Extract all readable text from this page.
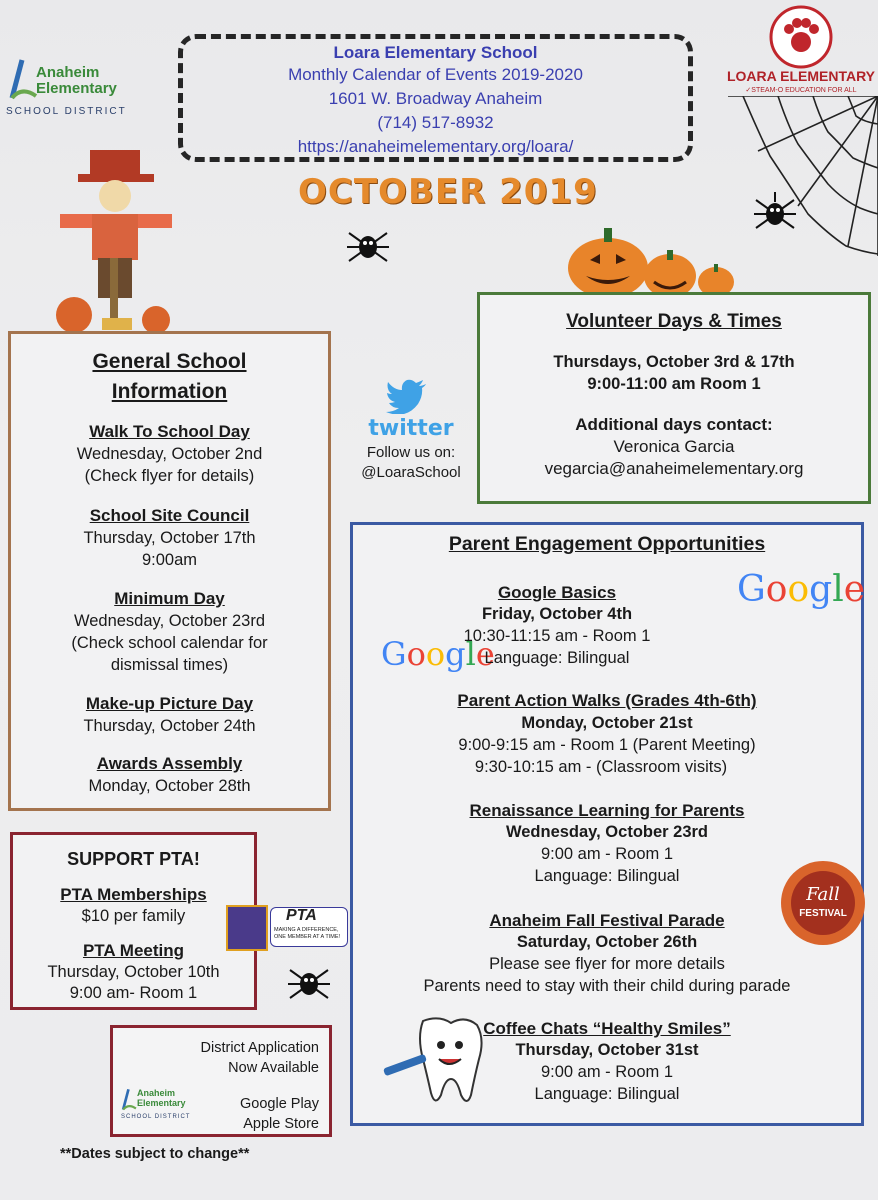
Anaheim
Elementary
SCHOOL DISTRICT
Loara Elementary School
Monthly Calendar of Events 2019-2020
1601 W. Broadway Anaheim
(714) 517-8932
https://anaheimelementary.org/loara/
LOARA ELEMENTARY
✓STEAM-O EDUCATION FOR ALL
OCTOBER 2019
General School
Information
Walk To School Day
Wednesday, October 2nd
(Check flyer for details)
School Site Council
Thursday, October 17th
9:00am
Minimum Day
Wednesday, October 23rd
(Check school calendar for
dismissal times)
Make-up Picture Day
Thursday, October 24th
Awards Assembly
Monday, October 28th
twitter
Follow us on:
@LoaraSchool
Volunteer Days & Times
Thursdays, October 3rd & 17th
9:00-11:00 am Room 1
Additional days contact:
Veronica Garcia
vegarcia@anaheimelementary.org
Parent Engagement Opportunities
Google
Google
Google Basics
Friday, October 4th
10:30-11:15 am - Room 1
Language: Bilingual
Parent Action Walks (Grades 4th-6th)
Monday, October 21st
9:00-9:15 am - Room 1 (Parent Meeting)
9:30-10:15 am - (Classroom visits)
Renaissance Learning for Parents
Wednesday, October 23rd
9:00 am - Room 1
Language: Bilingual
Anaheim Fall Festival Parade
Saturday, October 26th
Please see flyer for more details
Parents need to stay with their child during parade
Coffee Chats “Healthy Smiles”
Thursday, October 31st
9:00 am - Room 1
Language: Bilingual
Fall
FESTIVAL
SUPPORT PTA!
PTA Memberships
$10 per family
PTA Meeting
Thursday, October 10th
9:00 am- Room 1
PTA
MAKING A DIFFERENCE, ONE MEMBER AT A TIME!
District Application
Now Available
Google Play
Apple Store
Anaheim
Elementary
SCHOOL DISTRICT
**Dates subject to change**
